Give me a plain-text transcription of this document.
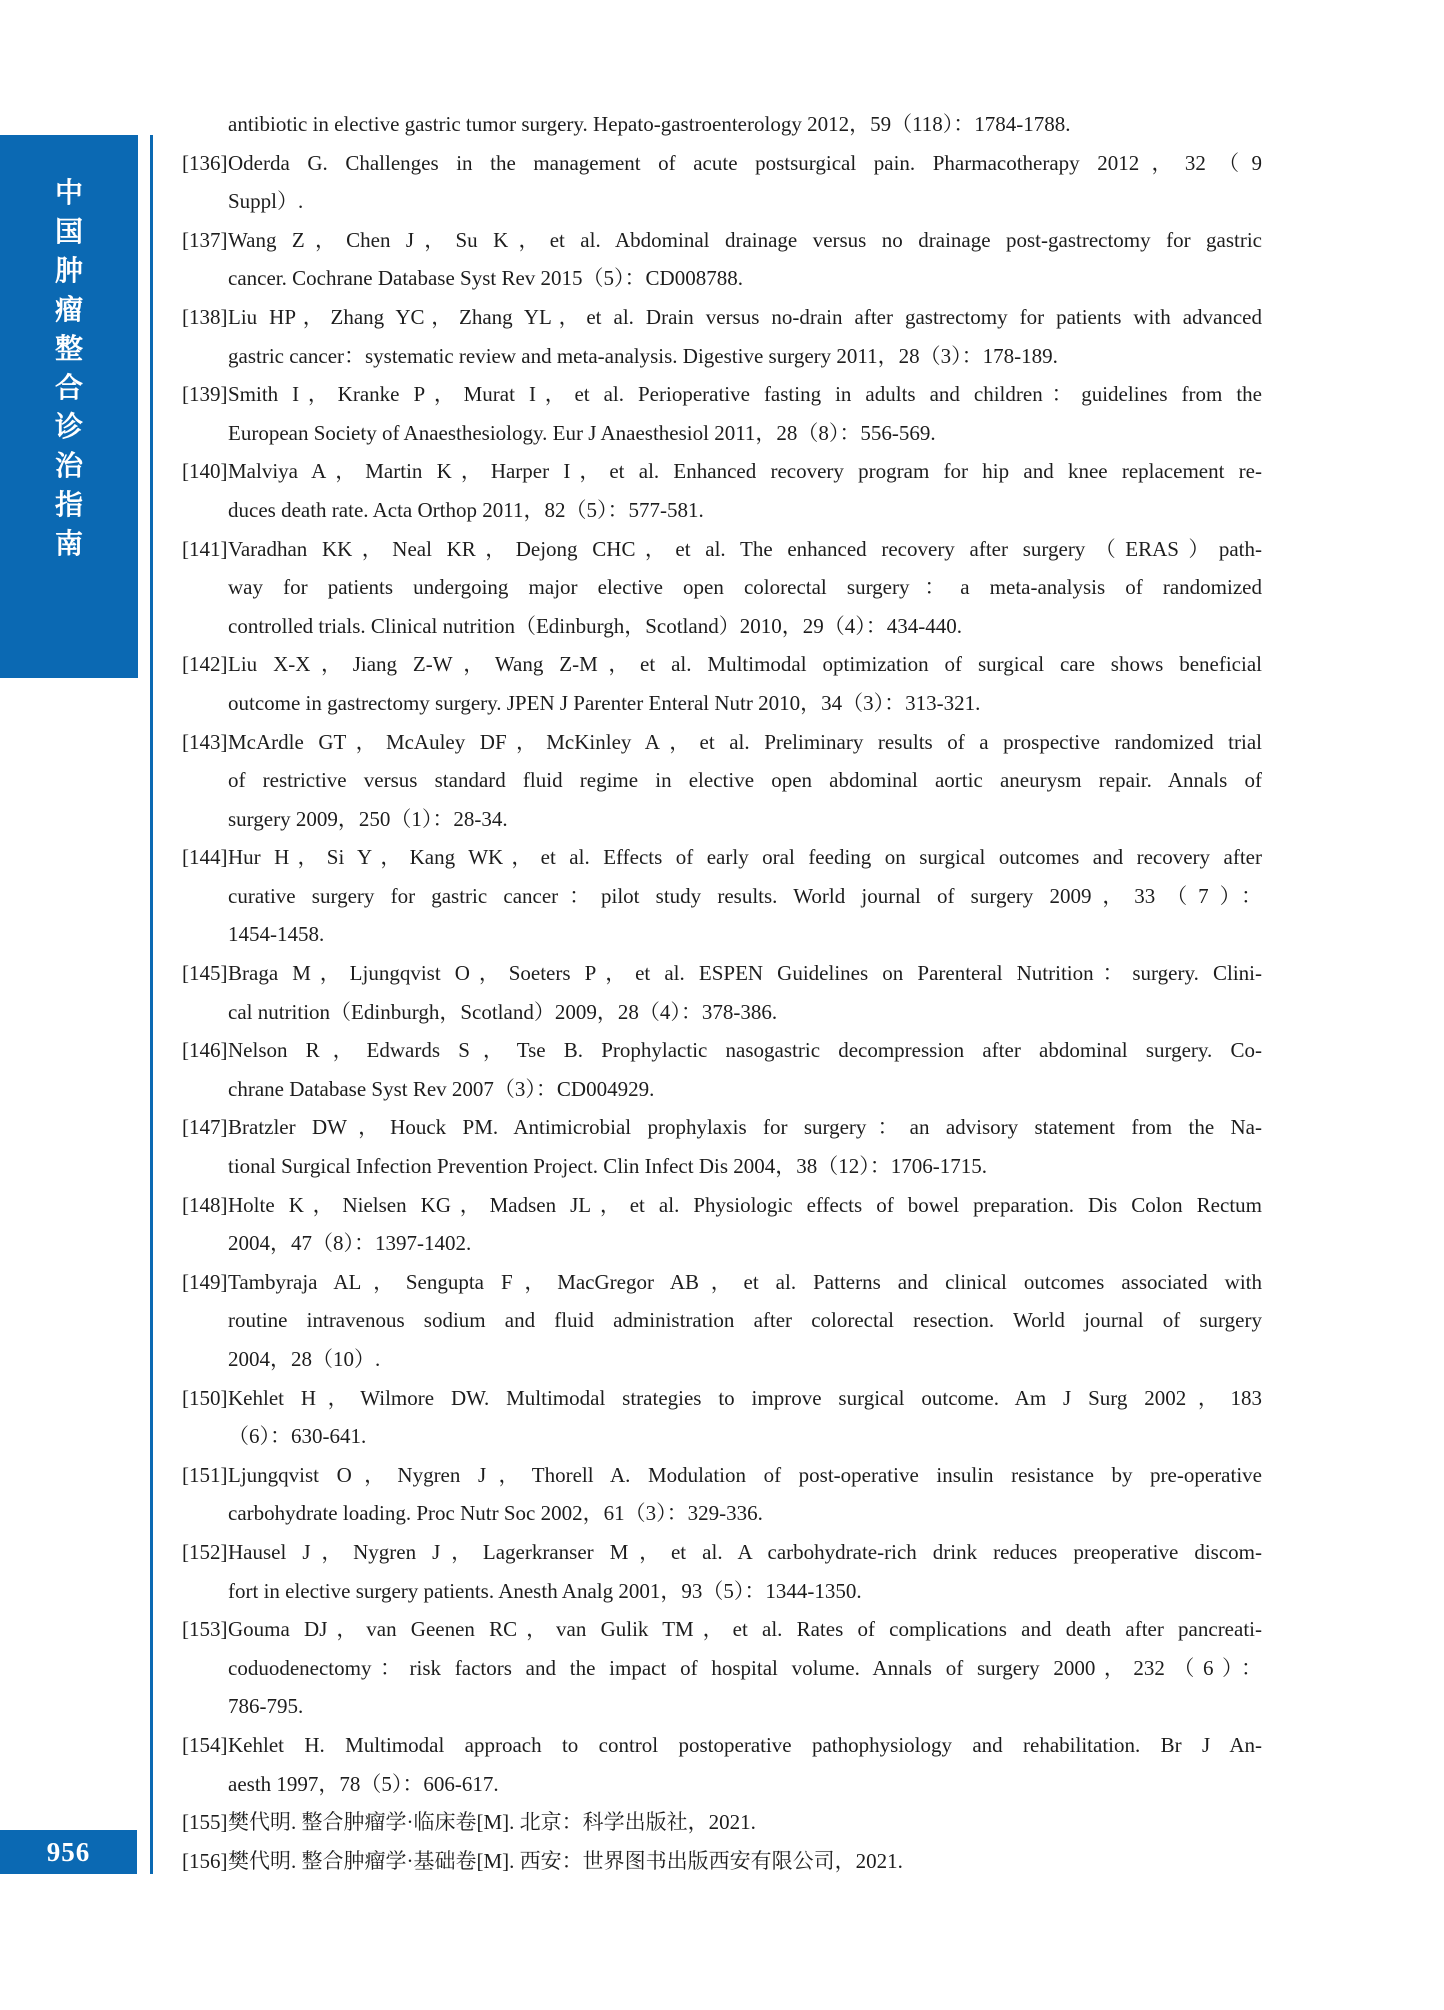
中
国
肿
瘤
整
合
诊
治
指
南
antibiotic in elective gastric tumor surgery. Hepato-gastroenterology 2012，59（118）：1784-1788.
[136] Oderda G. Challenges in the management of acute postsurgical pain. Pharmacotherapy 2012，32（9
Suppl）.
[137] Wang Z，Chen J，Su K，et al. Abdominal drainage versus no drainage post-gastrectomy for gastric
cancer. Cochrane Database Syst Rev 2015（5）：CD008788.
[138] Liu HP，Zhang YC，Zhang YL，et al. Drain versus no-drain after gastrectomy for patients with advanced
gastric cancer：systematic review and meta-analysis. Digestive surgery 2011，28（3）：178-189.
[139] Smith I，Kranke P，Murat I，et al. Perioperative fasting in adults and children：guidelines from the
European Society of Anaesthesiology. Eur J Anaesthesiol 2011，28（8）：556-569.
[140] Malviya A，Martin K，Harper I，et al. Enhanced recovery program for hip and knee replacement re-
duces death rate. Acta Orthop 2011，82（5）：577-581.
[141] Varadhan KK，Neal KR，Dejong CHC，et al. The enhanced recovery after surgery（ERAS）path-
way for patients undergoing major elective open colorectal surgery：a meta-analysis of randomized
controlled trials. Clinical nutrition（Edinburgh，Scotland）2010，29（4）：434-440.
[142] Liu X-X，Jiang Z-W，Wang Z-M，et al. Multimodal optimization of surgical care shows beneficial
outcome in gastrectomy surgery. JPEN J Parenter Enteral Nutr 2010，34（3）：313-321.
[143] McArdle GT，McAuley DF，McKinley A，et al. Preliminary results of a prospective randomized trial
of restrictive versus standard fluid regime in elective open abdominal aortic aneurysm repair. Annals of
surgery 2009，250（1）：28-34.
[144] Hur H，Si Y，Kang WK，et al. Effects of early oral feeding on surgical outcomes and recovery after
curative surgery for gastric cancer：pilot study results. World journal of surgery 2009，33（7）：
1454-1458.
[145] Braga M，Ljungqvist O，Soeters P，et al. ESPEN Guidelines on Parenteral Nutrition：surgery. Clini-
cal nutrition（Edinburgh，Scotland）2009，28（4）：378-386.
[146] Nelson R，Edwards S，Tse B. Prophylactic nasogastric decompression after abdominal surgery. Co-
chrane Database Syst Rev 2007（3）：CD004929.
[147] Bratzler DW，Houck PM. Antimicrobial prophylaxis for surgery：an advisory statement from the Na-
tional Surgical Infection Prevention Project. Clin Infect Dis 2004，38（12）：1706-1715.
[148] Holte K，Nielsen KG，Madsen JL，et al. Physiologic effects of bowel preparation. Dis Colon Rectum
2004，47（8）：1397-1402.
[149] Tambyraja AL，Sengupta F，MacGregor AB，et al. Patterns and clinical outcomes associated with
routine intravenous sodium and fluid administration after colorectal resection. World journal of surgery
2004，28（10）.
[150] Kehlet H，Wilmore DW. Multimodal strategies to improve surgical outcome. Am J Surg 2002，183
（6）：630-641.
[151] Ljungqvist O，Nygren J，Thorell A. Modulation of post-operative insulin resistance by pre-operative
carbohydrate loading. Proc Nutr Soc 2002，61（3）：329-336.
[152] Hausel J，Nygren J，Lagerkranser M，et al. A carbohydrate-rich drink reduces preoperative discom-
fort in elective surgery patients. Anesth Analg 2001，93（5）：1344-1350.
[153] Gouma DJ，van Geenen RC，van Gulik TM，et al. Rates of complications and death after pancreati-
coduodenectomy：risk factors and the impact of hospital volume. Annals of surgery 2000，232（6）：
786-795.
[154] Kehlet H. Multimodal approach to control postoperative pathophysiology and rehabilitation. Br J An-
aesth 1997，78（5）：606-617.
[155] 樊代明. 整合肿瘤学·临床卷[M]. 北京：科学出版社，2021.
[156] 樊代明. 整合肿瘤学·基础卷[M]. 西安：世界图书出版西安有限公司，2021.
956
